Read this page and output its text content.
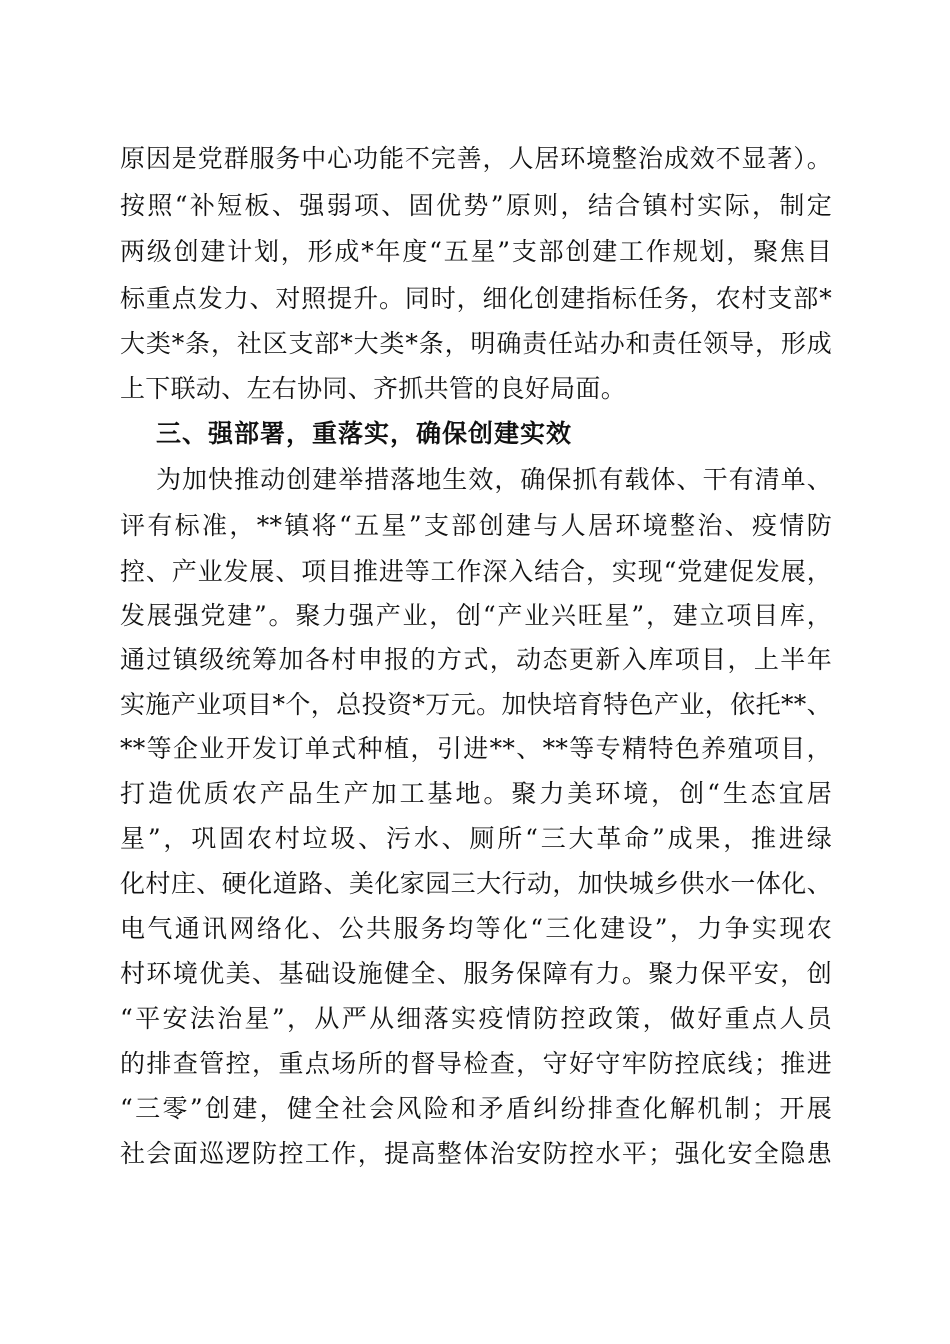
原因是党群服务中心功能不完善，人居环境整治成效不显著）。
按照“补短板、强弱项、固优势”原则，结合镇村实际，制定
两级创建计划，形成*年度“五星”支部创建工作规划，聚焦目
标重点发力、对照提升。同时，细化创建指标任务，农村支部*
大类*条，社区支部*大类*条，明确责任站办和责任领导，形成
上下联动、左右协同、齐抓共管的良好局面。
三、强部署，重落实，确保创建实效
为加快推动创建举措落地生效，确保抓有载体、干有清单、
评有标准，**镇将“五星”支部创建与人居环境整治、疫情防
控、产业发展、项目推进等工作深入结合，实现“党建促发展，
发展强党建”。聚力强产业，创“产业兴旺星”，建立项目库，
通过镇级统筹加各村申报的方式，动态更新入库项目，上半年
实施产业项目*个，总投资*万元。加快培育特色产业，依托**、
**等企业开发订单式种植，引进**、**等专精特色养殖项目，
打造优质农产品生产加工基地。聚力美环境，创“生态宜居
星”，巩固农村垃圾、污水、厕所“三大革命”成果，推进绿
化村庄、硬化道路、美化家园三大行动，加快城乡供水一体化、
电气通讯网络化、公共服务均等化“三化建设”，力争实现农
村环境优美、基础设施健全、服务保障有力。聚力保平安，创
“平安法治星”，从严从细落实疫情防控政策，做好重点人员
的排查管控，重点场所的督导检查，守好守牢防控底线；推进
“三零”创建，健全社会风险和矛盾纠纷排查化解机制；开展
社会面巡逻防控工作，提高整体治安防控水平；强化安全隐患
